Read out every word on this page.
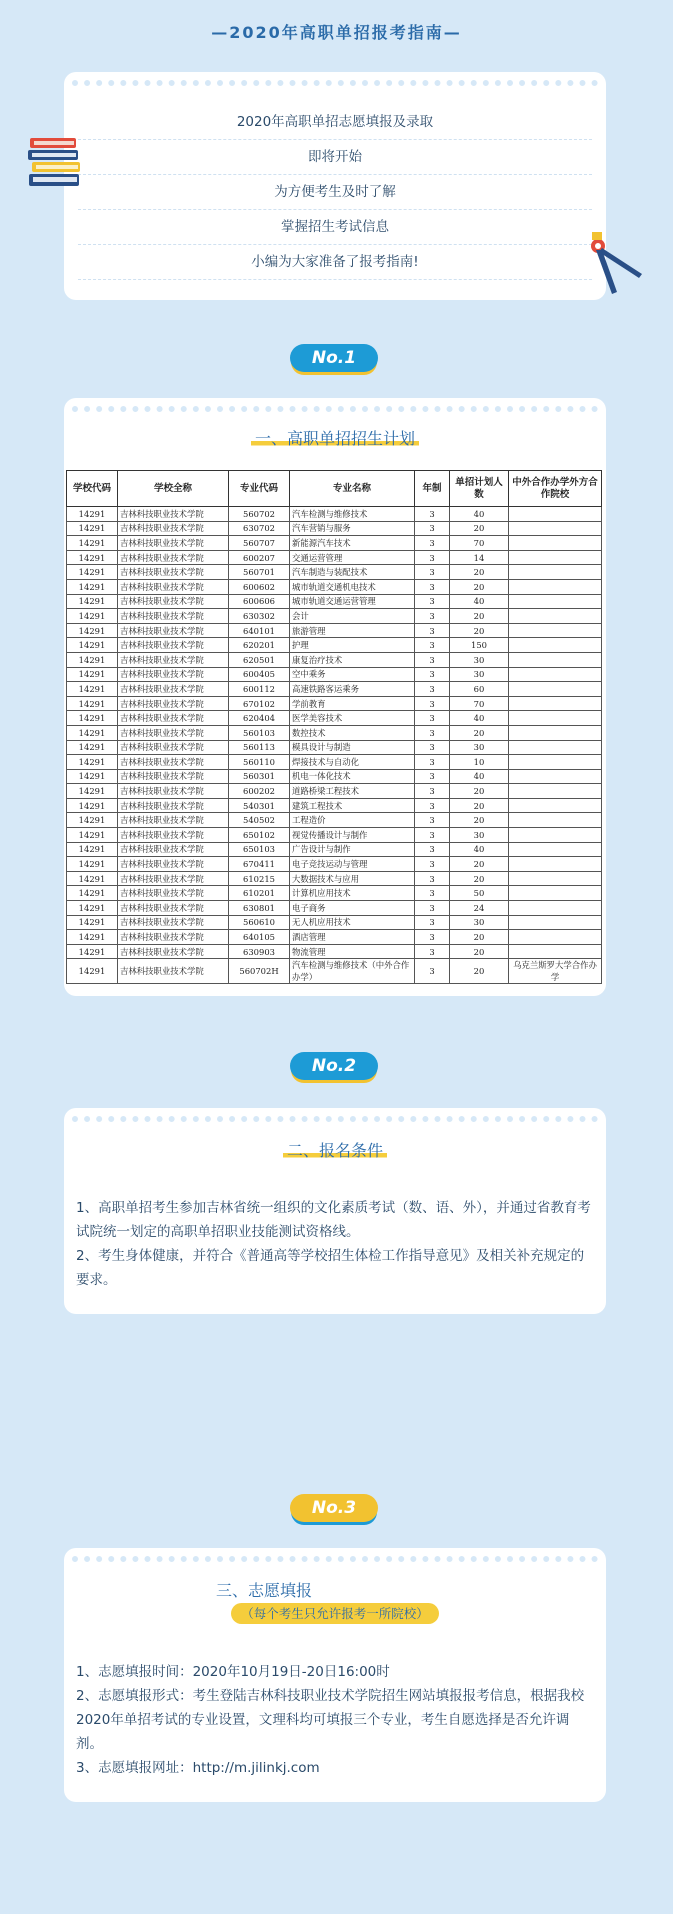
—2020年高职单招报考指南—
2020年高职单招志愿填报及录取
即将开始
为方便考生及时了解
掌握招生考试信息
小编为大家准备了报考指南!
No.1
一、高职单招招生计划
学校代码	学校全称	专业代码	专业名称	年制	单招计划人数	中外合作办学外方合作院校
14291	吉林科技职业技术学院	560702	汽车检测与维修技术	3	40	
14291	吉林科技职业技术学院	630702	汽车营销与服务	3	20	
14291	吉林科技职业技术学院	560707	新能源汽车技术	3	70	
14291	吉林科技职业技术学院	600207	交通运营管理	3	14	
14291	吉林科技职业技术学院	560701	汽车制造与装配技术	3	20	
14291	吉林科技职业技术学院	600602	城市轨道交通机电技术	3	20	
14291	吉林科技职业技术学院	600606	城市轨道交通运营管理	3	40	
14291	吉林科技职业技术学院	630302	会计	3	20	
14291	吉林科技职业技术学院	640101	旅游管理	3	20	
14291	吉林科技职业技术学院	620201	护理	3	150	
14291	吉林科技职业技术学院	620501	康复治疗技术	3	30	
14291	吉林科技职业技术学院	600405	空中乘务	3	30	
14291	吉林科技职业技术学院	600112	高速铁路客运乘务	3	60	
14291	吉林科技职业技术学院	670102	学前教育	3	70	
14291	吉林科技职业技术学院	620404	医学美容技术	3	40	
14291	吉林科技职业技术学院	560103	数控技术	3	20	
14291	吉林科技职业技术学院	560113	模具设计与制造	3	30	
14291	吉林科技职业技术学院	560110	焊接技术与自动化	3	10	
14291	吉林科技职业技术学院	560301	机电一体化技术	3	40	
14291	吉林科技职业技术学院	600202	道路桥梁工程技术	3	20	
14291	吉林科技职业技术学院	540301	建筑工程技术	3	20	
14291	吉林科技职业技术学院	540502	工程造价	3	20	
14291	吉林科技职业技术学院	650102	视觉传播设计与制作	3	30	
14291	吉林科技职业技术学院	650103	广告设计与制作	3	40	
14291	吉林科技职业技术学院	670411	电子竞技运动与管理	3	20	
14291	吉林科技职业技术学院	610215	大数据技术与应用	3	20	
14291	吉林科技职业技术学院	610201	计算机应用技术	3	50	
14291	吉林科技职业技术学院	630801	电子商务	3	24	
14291	吉林科技职业技术学院	560610	无人机应用技术	3	30	
14291	吉林科技职业技术学院	640105	酒店管理	3	20	
14291	吉林科技职业技术学院	630903	物流管理	3	20	
14291	吉林科技职业技术学院	560702H	汽车检测与维修技术（中外合作办学）	3	20	乌克兰斯罗大学合作办学
No.2
二、报名条件
1、高职单招考生参加吉林省统一组织的文化素质考试（数、语、外），并通过省教育考试院统一划定的高职单招职业技能测试资格线。
2、考生身体健康，并符合《普通高等学校招生体检工作指导意见》及相关补充规定的要求。
No.3
三、志愿填报
（每个考生只允许报考一所院校）
1、志愿填报时间：2020年10月19日-20日16:00时
2、志愿填报形式：考生登陆吉林科技职业技术学院招生网站填报报考信息，根据我校2020年单招考试的专业设置，文理科均可填报三个专业，考生自愿选择是否允许调剂。
3、志愿填报网址：http://m.jilinkj.com
